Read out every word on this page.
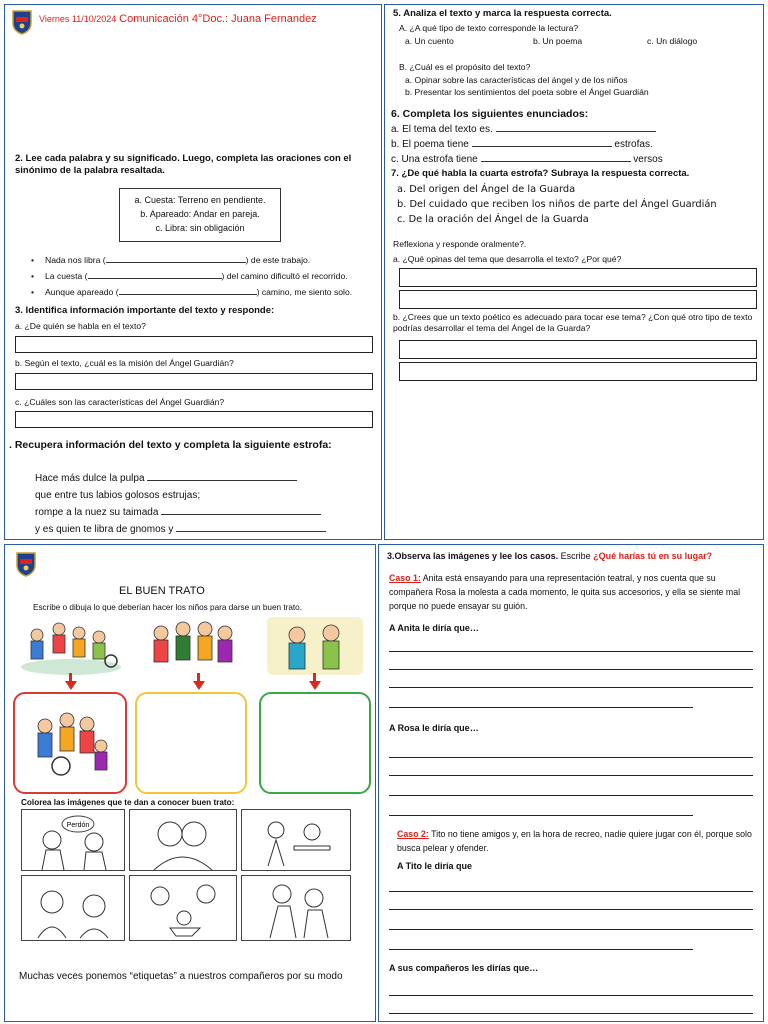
Viernes 11/10/2024 Comunicación 4°Doc.: Juana Fernandez
2. Lee cada palabra y su significado. Luego, completa las oraciones con el sinónimo de la palabra resaltada.
a. Cuesta: Terreno en pendiente.
b. Apareado: Andar en pareja.
c. Libra: sin obligación
• Nada nos libra (	) de este trabajo.
• La cuesta (	) del camino dificultó el recorrido.
• Aunque apareado (	) camino, me siento solo.
3. Identifica información importante del texto y responde:
a. ¿De quién se habla en el texto?
b. Según el texto, ¿cuál es la misión del Ángel Guardián?
c. ¿Cuáles son las características del Ángel Guardián?
. Recupera información del texto y completa la siguiente estrofa:
Hace más dulce la pulpa
que entre tus labios golosos estrujas;
rompe a la nuez su taimada
y es quien te libra de gnomos y
5. Analiza el texto y marca la respuesta correcta.
A. ¿A qué tipo de texto corresponde la lectura?
a. Un cuento	b. Un poema	c. Un diálogo
B. ¿Cuál es el propósito del texto?
a. Opinar sobre las características del ángel y de los niños
b. Presentar los sentimientos del poeta sobre el Ángel Guardián
6. Completa los siguientes enunciados:
a. El tema del texto es.
b. El poema tiene	estrofas.
c. Una estrofa tiene	versos
7. ¿De qué habla la cuarta estrofa? Subraya la respuesta correcta.
a. Del origen del Ángel de la Guarda
b. Del cuidado que reciben los niños de parte del Ángel Guardián
c. De la oración del Ángel de la Guarda
Reflexiona y responde oralmente?.
a. ¿Qué opinas del tema que desarrolla el texto? ¿Por qué?
b. ¿Crees que un texto poético es adecuado para tocar ese tema? ¿Con qué otro tipo de texto podrías desarrollar el tema del Ángel de la Guarda?
EL BUEN TRATO
Escribe o dibuja lo que deberían hacer los niños para darse un buen trato.
Colorea las imágenes que te dan a conocer buen trato:
Perdón
Muchas veces ponemos “etiquetas” a nuestros compañeros por su modo
3.Observa las imágenes y lee los casos. Escribe ¿Qué harías tú en su lugar?
Caso 1: Anita está ensayando para una representación teatral, y nos cuenta que su compañera Rosa la molesta a cada momento, le quita sus accesorios, y ella se siente mal porque no puede ensayar su guión.
A Anita le diría que…
A Rosa le diría que…
Caso 2: Tito no tiene amigos y, en la hora de recreo, nadie quiere jugar con él, porque solo busca pelear y ofender.
A Tito le diría que
A sus compañeros les dirías que…
